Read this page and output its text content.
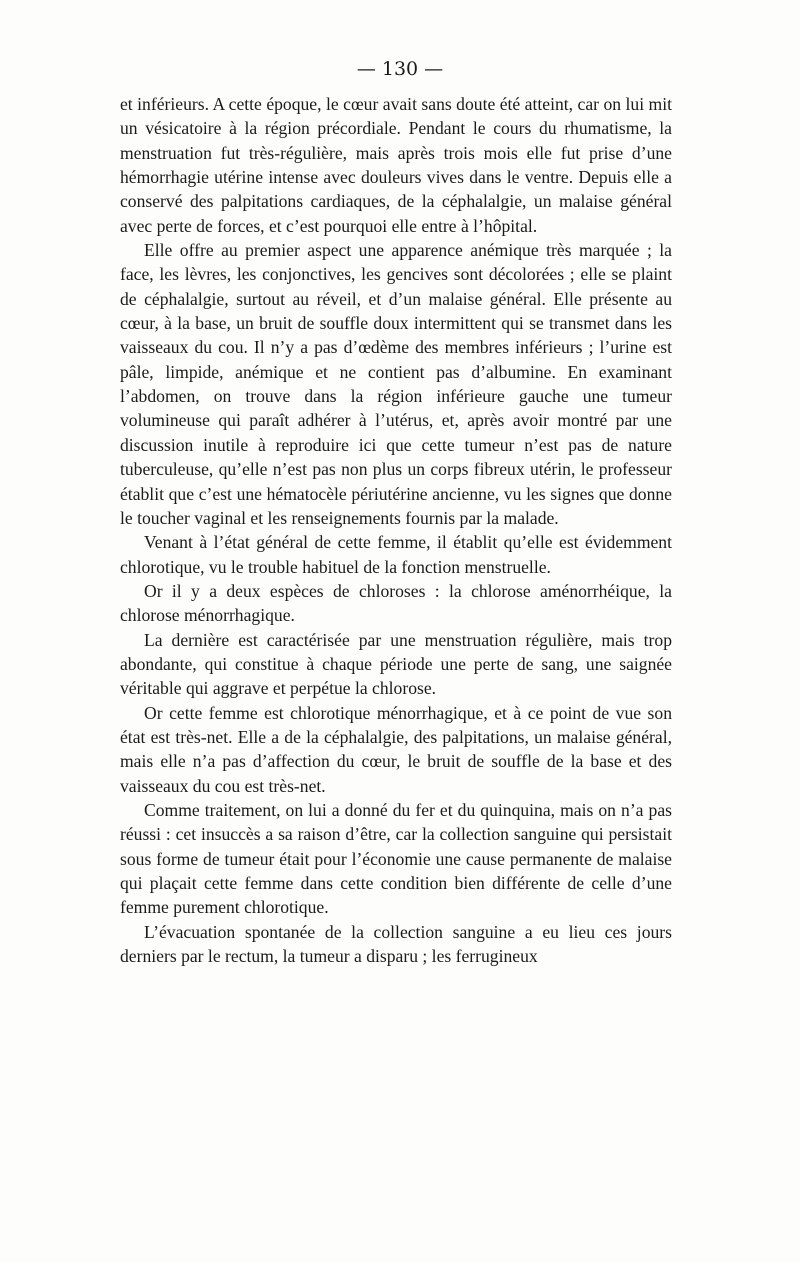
— 130 —

et inférieurs. A cette époque, le cœur avait sans doute été atteint, car on lui mit un vésicatoire à la région précordiale. Pendant le cours du rhumatisme, la menstruation fut très-régulière, mais après trois mois elle fut prise d’une hémorrhagie utérine intense avec douleurs vives dans le ventre. Depuis elle a conservé des palpitations cardiaques, de la céphalalgie, un malaise général avec perte de forces, et c’est pourquoi elle entre à l’hôpital.

Elle offre au premier aspect une apparence anémique très marquée ; la face, les lèvres, les conjonctives, les gencives sont décolorées ; elle se plaint de céphalalgie, surtout au réveil, et d’un malaise général. Elle présente au cœur, à la base, un bruit de souffle doux intermittent qui se transmet dans les vaisseaux du cou. Il n’y a pas d’œdème des membres inférieurs ; l’urine est pâle, limpide, anémique et ne contient pas d’albumine. En examinant l’abdomen, on trouve dans la région inférieure gauche une tumeur volumineuse qui paraît adhérer à l’utérus, et, après avoir montré par une discussion inutile à reproduire ici que cette tumeur n’est pas de nature tuberculeuse, qu’elle n’est pas non plus un corps fibreux utérin, le professeur établit que c’est une hématocèle périutérine ancienne, vu les signes que donne le toucher vaginal et les renseignements fournis par la malade.

Venant à l’état général de cette femme, il établit qu’elle est évidemment chlorotique, vu le trouble habituel de la fonction menstruelle.

Or il y a deux espèces de chloroses : la chlorose aménorrhéique, la chlorose ménorrhagique.

La dernière est caractérisée par une menstruation régulière, mais trop abondante, qui constitue à chaque période une perte de sang, une saignée véritable qui aggrave et perpétue la chlorose.

Or cette femme est chlorotique ménorrhagique, et à ce point de vue son état est très-net. Elle a de la céphalalgie, des palpitations, un malaise général, mais elle n’a pas d’affection du cœur, le bruit de souffle de la base et des vaisseaux du cou est très-net.

Comme traitement, on lui a donné du fer et du quinquina, mais on n’a pas réussi : cet insuccès a sa raison d’être, car la collection sanguine qui persistait sous forme de tumeur était pour l’économie une cause permanente de malaise qui plaçait cette femme dans cette condition bien différente de celle d’une femme purement chlorotique.

L’évacuation spontanée de la collection sanguine a eu lieu ces jours derniers par le rectum, la tumeur a disparu ; les ferrugineux
